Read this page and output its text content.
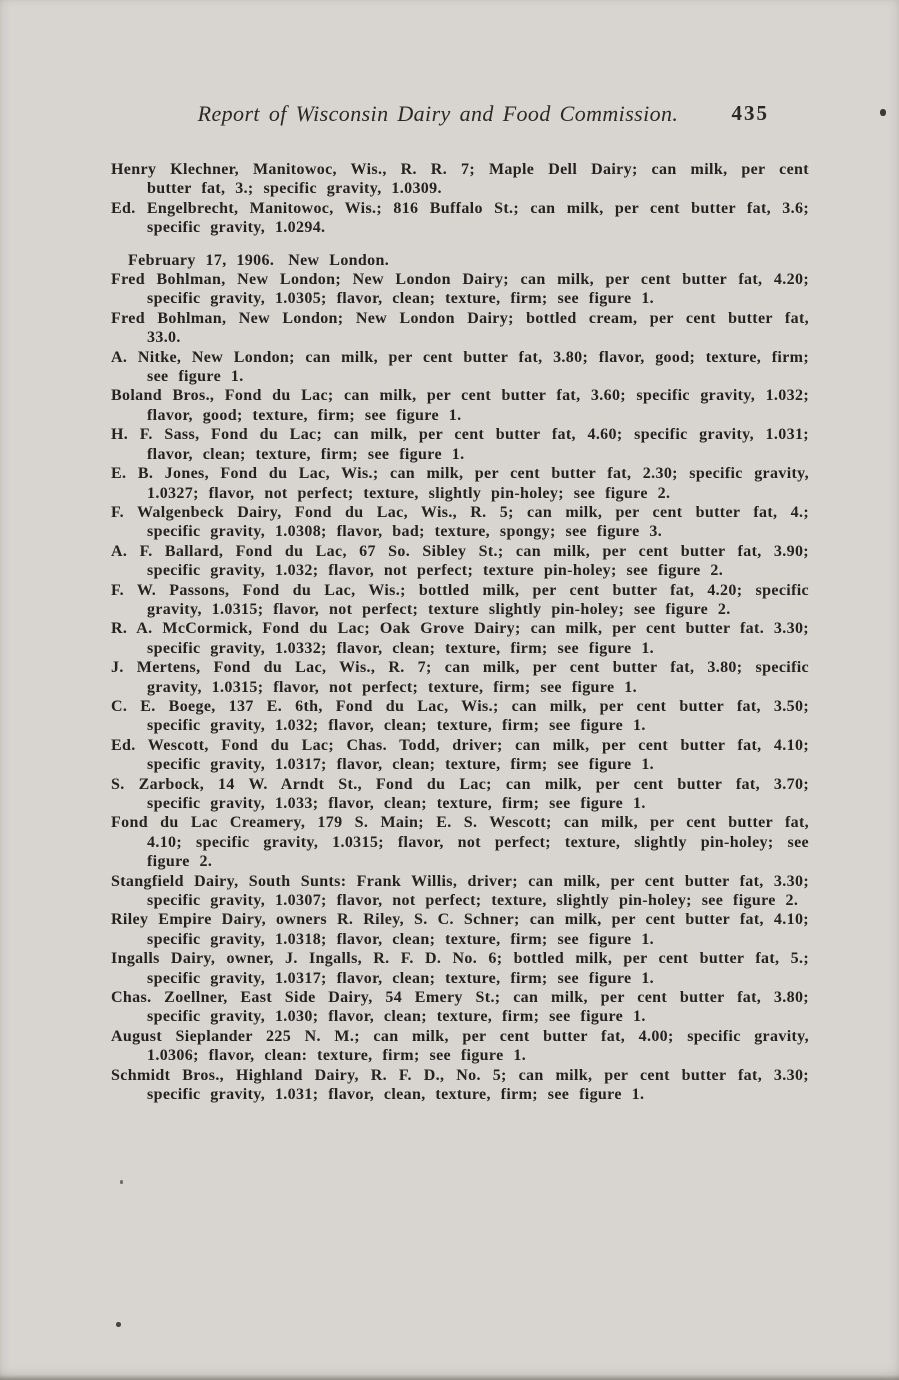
Report of Wisconsin Dairy and Food Commission.	435

Henry Klechner, Manitowoc, Wis., R. R. 7; Maple Dell Dairy; can milk, per cent butter fat, 3.; specific gravity, 1.0309.

Ed. Engelbrecht, Manitowoc, Wis.; 816 Buffalo St.; can milk, per cent butter fat, 3.6; specific gravity, 1.0294.

February 17, 1906. New London.

Fred Bohlman, New London; New London Dairy; can milk, per cent butter fat, 4.20; specific gravity, 1.0305; flavor, clean; texture, firm; see figure 1.

Fred Bohlman, New London; New London Dairy; bottled cream, per cent butter fat, 33.0.

A. Nitke, New London; can milk, per cent butter fat, 3.80; flavor, good; texture, firm; see figure 1.

Boland Bros., Fond du Lac; can milk, per cent butter fat, 3.60; specific gravity, 1.032; flavor, good; texture, firm; see figure 1.

H. F. Sass, Fond du Lac; can milk, per cent butter fat, 4.60; specific gravity, 1.031; flavor, clean; texture, firm; see figure 1.

E. B. Jones, Fond du Lac, Wis.; can milk, per cent butter fat, 2.30; specific gravity, 1.0327; flavor, not perfect; texture, slightly pin-holey; see figure 2.

F. Walgenbeck Dairy, Fond du Lac, Wis., R. 5; can milk, per cent butter fat, 4.; specific gravity, 1.0308; flavor, bad; texture, spongy; see figure 3.

A. F. Ballard, Fond du Lac, 67 So. Sibley St.; can milk, per cent butter fat, 3.90; specific gravity, 1.032; flavor, not perfect; texture pin-holey; see figure 2.

F. W. Passons, Fond du Lac, Wis.; bottled milk, per cent butter fat, 4.20; specific gravity, 1.0315; flavor, not perfect; texture slightly pin-holey; see figure 2.

R. A. McCormick, Fond du Lac; Oak Grove Dairy; can milk, per cent butter fat. 3.30; specific gravity, 1.0332; flavor, clean; texture, firm; see figure 1.

J. Mertens, Fond du Lac, Wis., R. 7; can milk, per cent butter fat, 3.80; specific gravity, 1.0315; flavor, not perfect; texture, firm; see figure 1.

C. E. Boege, 137 E. 6th, Fond du Lac, Wis.; can milk, per cent butter fat, 3.50; specific gravity, 1.032; flavor, clean; texture, firm; see figure 1.

Ed. Wescott, Fond du Lac; Chas. Todd, driver; can milk, per cent butter fat, 4.10; specific gravity, 1.0317; flavor, clean; texture, firm; see figure 1.

S. Zarbock, 14 W. Arndt St., Fond du Lac; can milk, per cent butter fat, 3.70; specific gravity, 1.033; flavor, clean; texture, firm; see figure 1.

Fond du Lac Creamery, 179 S. Main; E. S. Wescott; can milk, per cent butter fat, 4.10; specific gravity, 1.0315; flavor, not perfect; texture, slightly pin-holey; see figure 2.

Stangfield Dairy, South Sunts: Frank Willis, driver; can milk, per cent butter fat, 3.30; specific gravity, 1.0307; flavor, not perfect; texture, slightly pin-holey; see figure 2.

Riley Empire Dairy, owners R. Riley, S. C. Schner; can milk, per cent butter fat, 4.10; specific gravity, 1.0318; flavor, clean; texture, firm; see figure 1.

Ingalls Dairy, owner, J. Ingalls, R. F. D. No. 6; bottled milk, per cent butter fat, 5.; specific gravity, 1.0317; flavor, clean; texture, firm; see figure 1.

Chas. Zoellner, East Side Dairy, 54 Emery St.; can milk, per cent butter fat, 3.80; specific gravity, 1.030; flavor, clean; texture, firm; see figure 1.

August Sieplander 225 N. M.; can milk, per cent butter fat, 4.00; specific gravity, 1.0306; flavor, clean: texture, firm; see figure 1.

Schmidt Bros., Highland Dairy, R. F. D., No. 5; can milk, per cent butter fat, 3.30; specific gravity, 1.031; flavor, clean, texture, firm; see figure 1.
